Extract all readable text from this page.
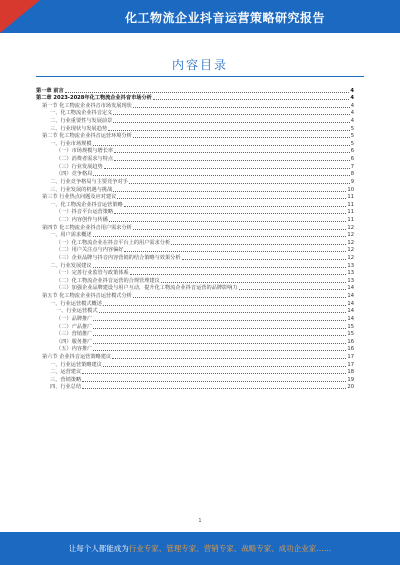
化工物流企业抖音运营策略研究报告
内容目录
第一章 前言	4
第二章 2023-2028年化工物流企业抖音市场分析	4
第一节 化工物流企业抖音市场发展现状	4
一、化工物流企业抖音定义	4
二、行业重要性与发展前景	4
三、行业现状与发展趋势	5
第二节 化工物流企业抖音运营环境分析	5
一、行业市场规模	5
（一）市场规模与增长率	6
（二）消费者需求与特点	6
（三）行业发展趋势	7
（四）竞争格局	8
二、行业竞争格局与主要竞争对手	9
三、行业发展的机遇与挑战	10
第三节 行业热点问题及应对建议	11
一、化工物流企业抖音运营策略	11
（一）抖音平台运营策略	11
（二）内容创作与传播	11
第四节 化工物流企业抖音用户需求分析	12
一、用户需求概述	12
（一）化工物流企业在抖音平台上的用户需求分析	12
（二）用户关注点与内容偏好	12
（三）企业品牌与抖音内容营销的结合策略与效果分析	12
二、行业发展建议	13
（一）完善行业监管与政策体系	13
（二）化工物流企业抖音运营的合规管理建议	13
（三）加强企业品牌建设与用户互动，提升化工物流企业抖音运营的品牌影响力	14
第五节 化工物流企业抖音运营模式分析	14
一、行业运营模式概述	14
一、行业运营模式	14
（一）品牌推广	14
（二）产品推广	15
（三）营销推广	15
（四）服务推广	16
（五）内容推广	16
第六节 企业抖音运营策略建议	17
一、行业运营策略建议	17
二、运营建议	18
三、营销策略	19
四、行业总结	20
1
让每个人都能成为行业专家、管理专家、营销专家、战略专家、成功企业家……
